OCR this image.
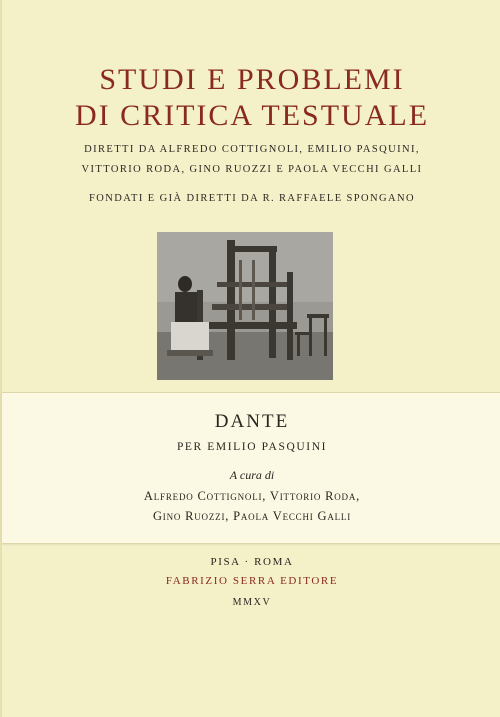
STUDI E PROBLEMI
DI CRITICA TESTUALE
DIRETTI DA ALFREDO COTTIGNOLI, EMILIO PASQUINI,
VITTORIO RODA, GINO RUOZZI E PAOLA VECCHI GALLI
FONDATI E GIÀ DIRETTI DA R. RAFFAELE SPONGANO
DANTE
PER EMILIO PASQUINI
A cura di
Alfredo Cottignoli, Vittorio Roda,
Gino Ruozzi, Paola Vecchi Galli
PISA · ROMA
FABRIZIO SERRA EDITORE
MMXV
